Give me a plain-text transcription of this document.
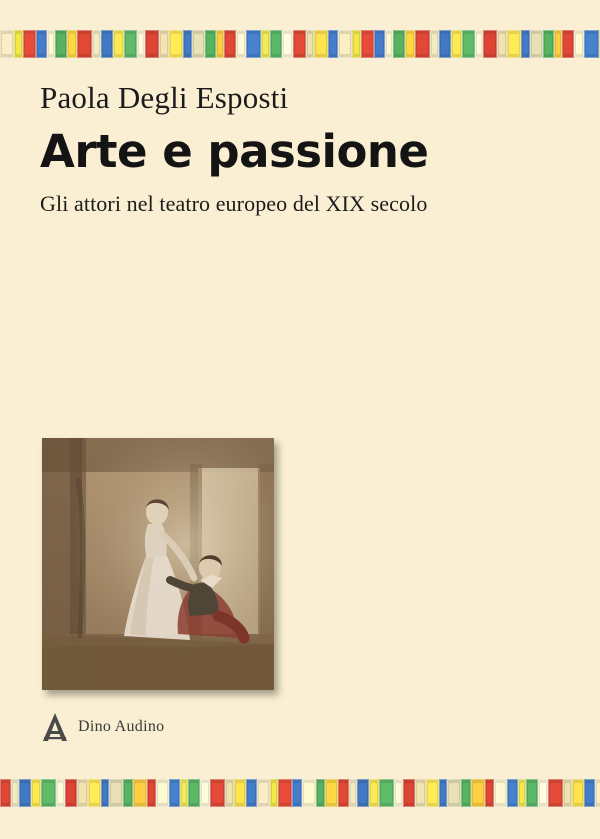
Paola Degli Esposti

Arte e passione

Gli attori nel teatro europeo del XIX secolo

Dino Audino
